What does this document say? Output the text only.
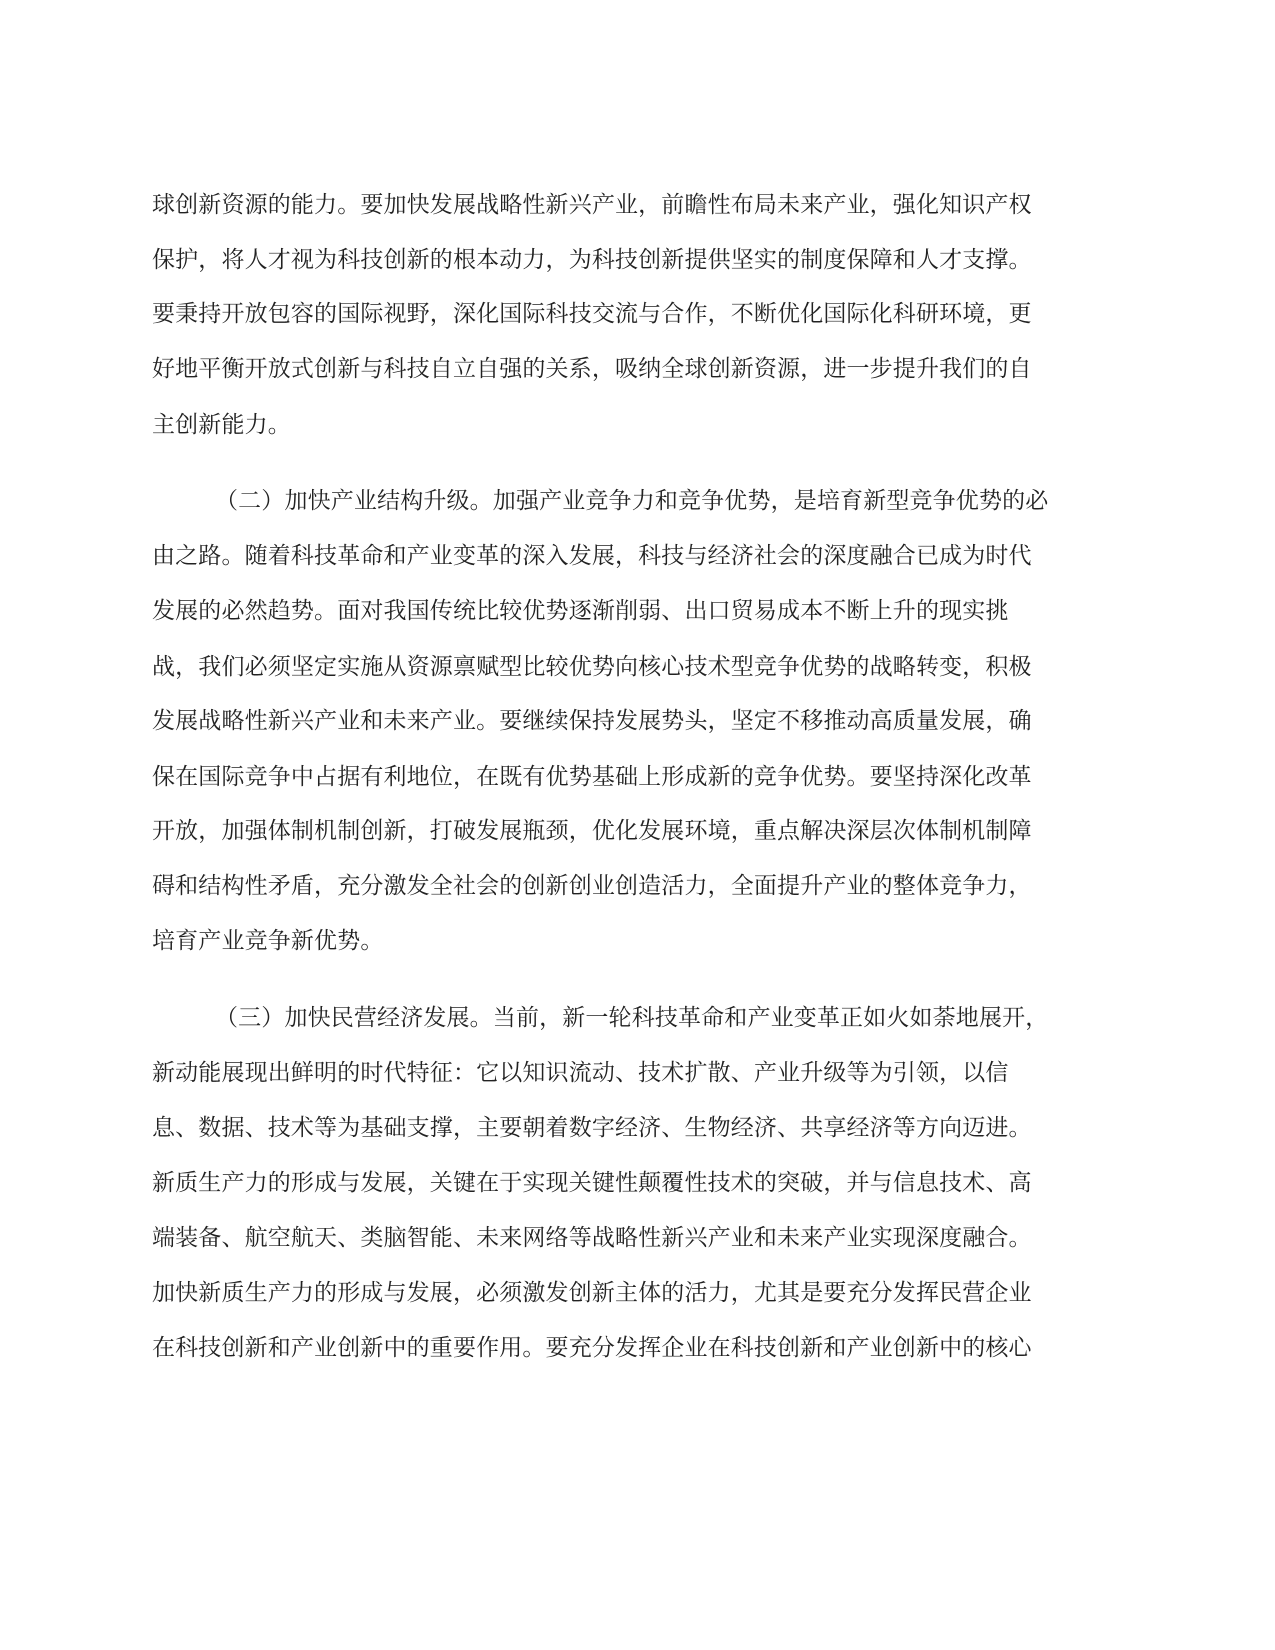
球创新资源的能力。要加快发展战略性新兴产业，前瞻性布局未来产业，强化知识产权
保护，将人才视为科技创新的根本动力，为科技创新提供坚实的制度保障和人才支撑。
要秉持开放包容的国际视野，深化国际科技交流与合作，不断优化国际化科研环境，更
好地平衡开放式创新与科技自立自强的关系，吸纳全球创新资源，进一步提升我们的自
主创新能力。
（二）加快产业结构升级。加强产业竞争力和竞争优势，是培育新型竞争优势的必
由之路。随着科技革命和产业变革的深入发展，科技与经济社会的深度融合已成为时代
发展的必然趋势。面对我国传统比较优势逐渐削弱、出口贸易成本不断上升的现实挑
战，我们必须坚定实施从资源禀赋型比较优势向核心技术型竞争优势的战略转变，积极
发展战略性新兴产业和未来产业。要继续保持发展势头，坚定不移推动高质量发展，确
保在国际竞争中占据有利地位，在既有优势基础上形成新的竞争优势。要坚持深化改革
开放，加强体制机制创新，打破发展瓶颈，优化发展环境，重点解决深层次体制机制障
碍和结构性矛盾，充分激发全社会的创新创业创造活力，全面提升产业的整体竞争力，
培育产业竞争新优势。
（三）加快民营经济发展。当前，新一轮科技革命和产业变革正如火如荼地展开，
新动能展现出鲜明的时代特征：它以知识流动、技术扩散、产业升级等为引领，以信
息、数据、技术等为基础支撑，主要朝着数字经济、生物经济、共享经济等方向迈进。
新质生产力的形成与发展，关键在于实现关键性颠覆性技术的突破，并与信息技术、高
端装备、航空航天、类脑智能、未来网络等战略性新兴产业和未来产业实现深度融合。
加快新质生产力的形成与发展，必须激发创新主体的活力，尤其是要充分发挥民营企业
在科技创新和产业创新中的重要作用。要充分发挥企业在科技创新和产业创新中的核心
